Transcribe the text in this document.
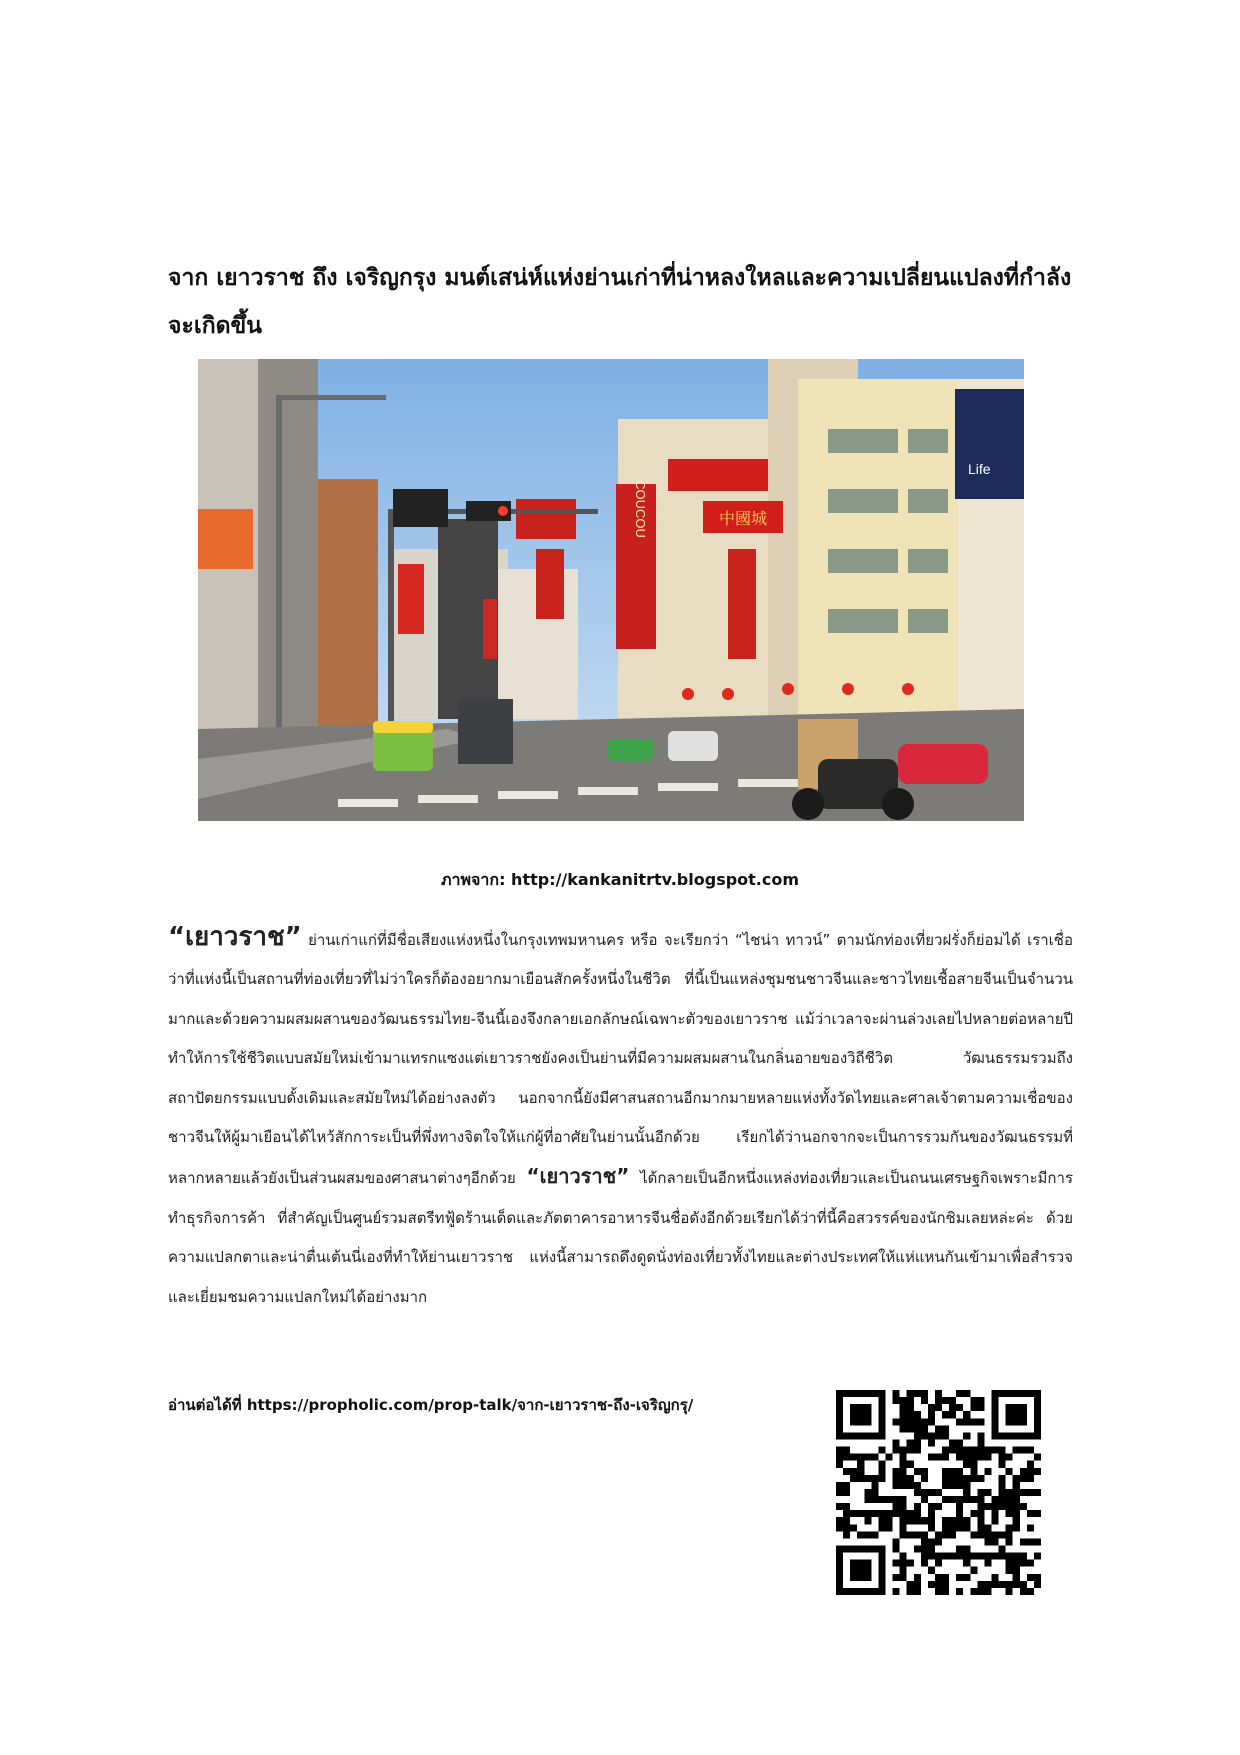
จาก เยาวราช ถึง เจริญกรุง มนต์เสน่ห์แห่งย่านเก่าที่น่าหลงใหลและความเปลี่ยนแปลงที่กำลังจะเกิดขึ้น
Life
COUCOU	中國城
ภาพจาก: http://kankanitrtv.blogspot.com
“เยาวราช” ย่านเก่าแก่ที่มีชื่อเสียงแห่งหนึ่งในกรุงเทพมหานคร หรือ จะเรียกว่า “ไชน่า ทาวน์” ตามนักท่องเที่ยวฝรั่งก็ย่อมได้ เราเชื่อว่าที่แห่งนี้เป็นสถานที่ท่องเที่ยวที่ไม่ว่าใครก็ต้องอยากมาเยือนสักครั้งหนึ่งในชีวิต ที่นี้เป็นแหล่งชุมชนชาวจีนและชาวไทยเชื้อสายจีนเป็นจำนวนมากและด้วยความผสมผสานของวัฒนธรรมไทย-จีนนี้เองจึงกลายเอกลักษณ์เฉพาะตัวของเยาวราช แม้ว่าเวลาจะผ่านล่วงเลยไปหลายต่อหลายปีทำให้การใช้ชีวิตแบบสมัยใหม่เข้ามาแทรกแซงแต่เยาวราชยังคงเป็นย่านที่มีความผสมผสานในกลิ่นอายของวิถีชีวิต วัฒนธรรมรวมถึงสถาปัตยกรรมแบบดั้งเดิมและสมัยใหม่ได้อย่างลงตัว นอกจากนี้ยังมีศาสนสถานอีกมากมายหลายแห่งทั้งวัดไทยและศาลเจ้าตามความเชื่อของชาวจีนให้ผู้มาเยือนได้ไหว้สักการะเป็นที่พึ่งทางจิตใจให้แก่ผู้ที่อาศัยในย่านนั้นอีกด้วย เรียกได้ว่านอกจากจะเป็นการรวมกันของวัฒนธรรมที่หลากหลายแล้วยังเป็นส่วนผสมของศาสนาต่างๆอีกด้วย “เยาวราช” ได้กลายเป็นอีกหนึ่งแหล่งท่องเที่ยวและเป็นถนนเศรษฐกิจเพราะมีการทำธุรกิจการค้า ที่สำคัญเป็นศูนย์รวมสตรีทฟู้ดร้านเด็ดและภัตตาคารอาหารจีนชื่อดังอีกด้วยเรียกได้ว่าที่นี้คือสวรรค์ของนักชิมเลยหล่ะค่ะ ด้วยความแปลกตาและน่าตื่นเต้นนี่เองที่ทำให้ย่านเยาวราช แห่งนี้สามารถดึงดูดนั่งท่องเที่ยวทั้งไทยและต่างประเทศให้แห่แหนกันเข้ามาเพื่อสำรวจและเยี่ยมชมความแปลกใหม่ได้อย่างมาก
อ่านต่อได้ที่ https://propholic.com/prop-talk/จาก-เยาวราช-ถึง-เจริญกรุ/
